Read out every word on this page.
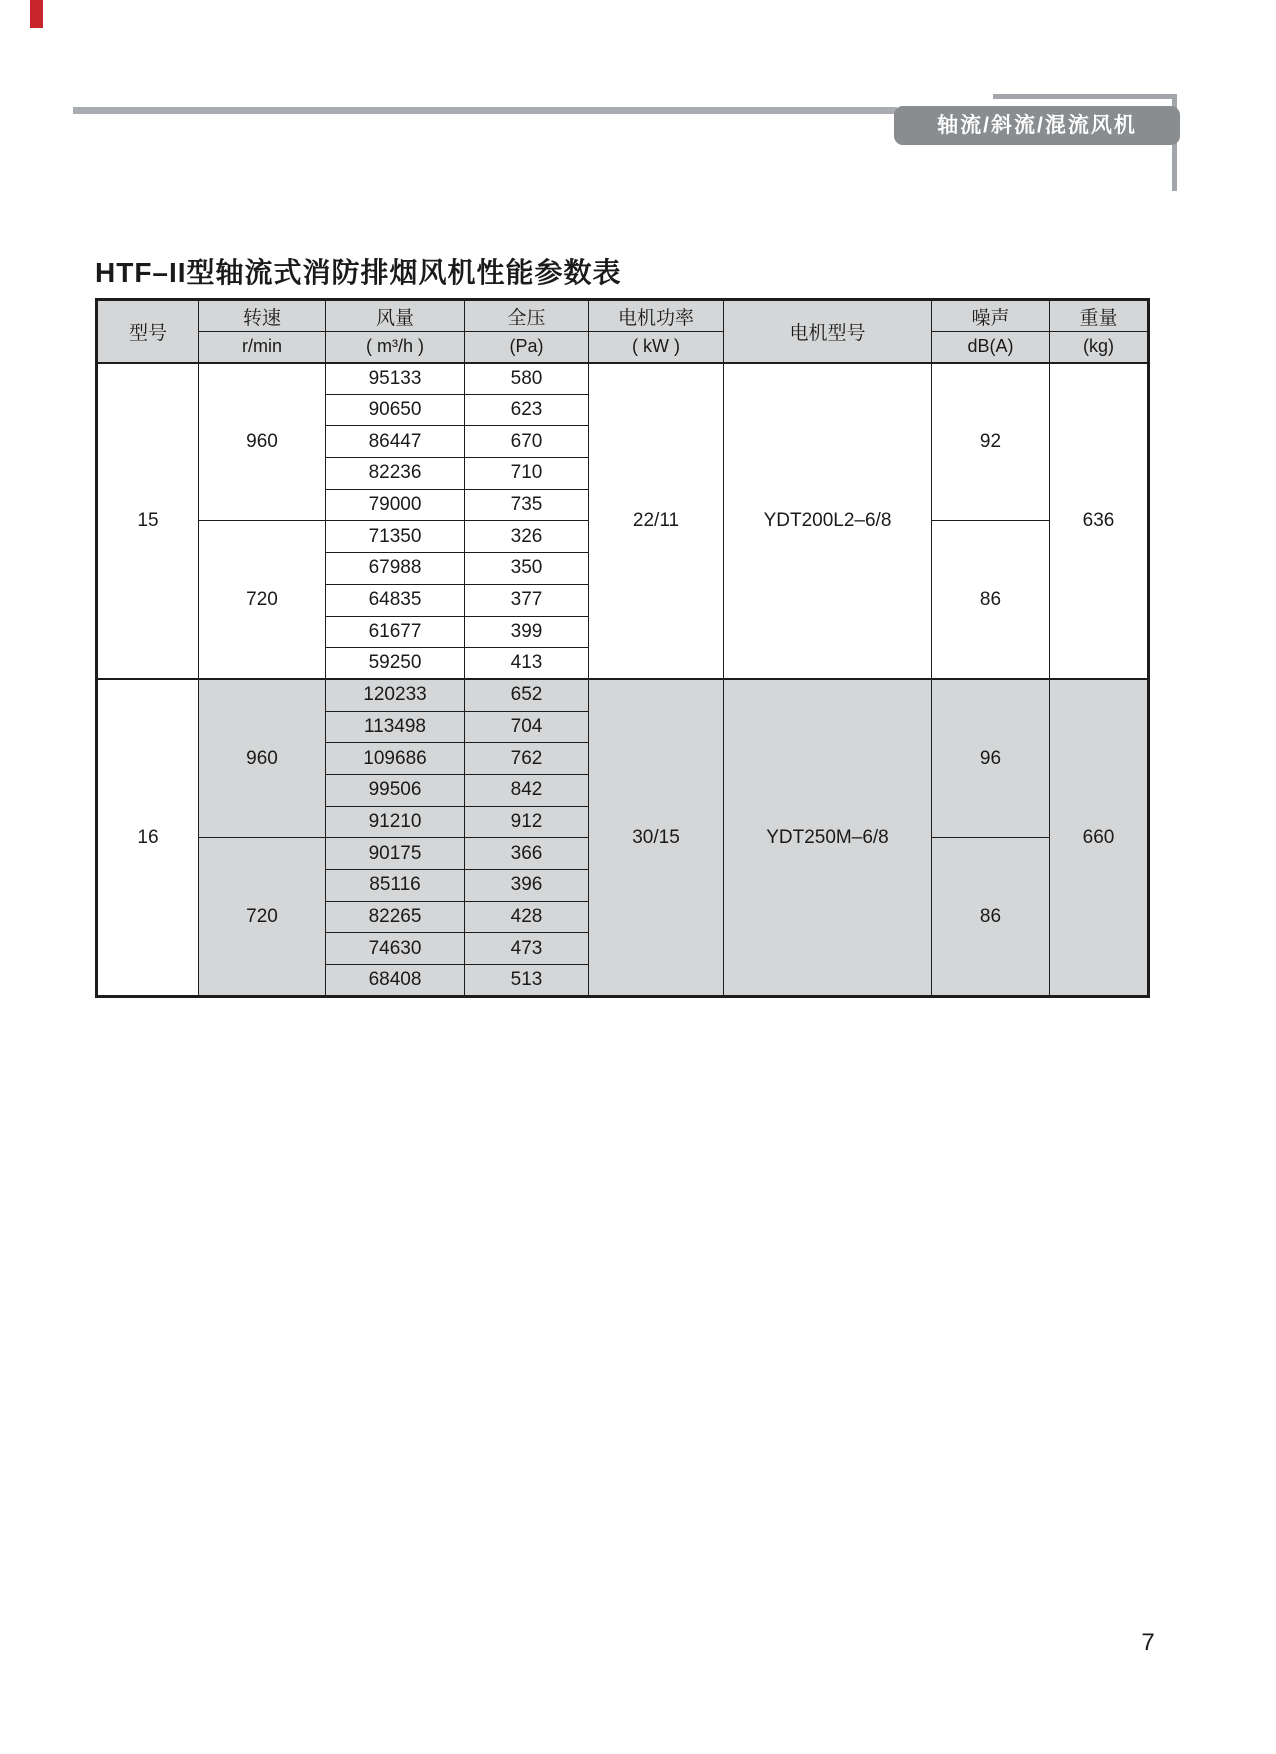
轴流/斜流/混流风机
HTF–II型轴流式消防排烟风机性能参数表
型号	转速	风量	全压	电机功率	电机型号	噪声	重量
	r/min	( m³/h )	(Pa)	( kW )		dB(A)	(kg)
15	960	95133	580	22/11	YDT200L2–6/8	92	636
		90650	623				
		86447	670				
		82236	710				
		79000	735				
	720	71350	326			86	
		67988	350				
		64835	377				
		61677	399				
		59250	413				
16	960	120233	652	30/15	YDT250M–6/8	96	660
		113498	704				
		109686	762				
		99506	842				
		91210	912				
	720	90175	366			86	
		85116	396				
		82265	428				
		74630	473				
		68408	513				
7
